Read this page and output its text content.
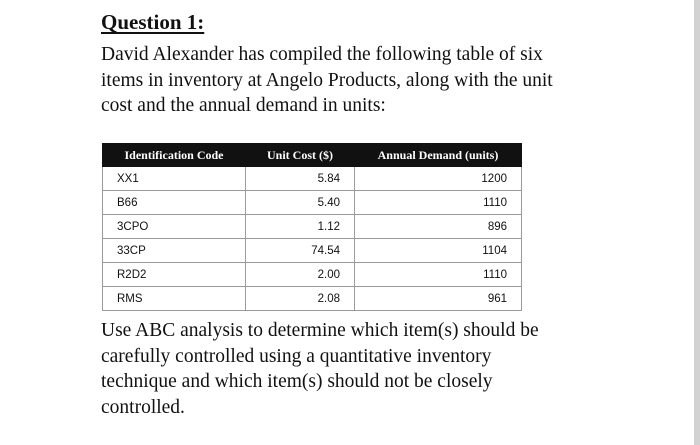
Question 1:
David Alexander has compiled the following table of six
items in inventory at Angelo Products, along with the unit
cost and the annual demand in units:
Identification Code	Unit Cost ($)	Annual Demand (units)
XX1	5.84	1200
B66	5.40	1110
3CPO	1.12	896
33CP	74.54	1104
R2D2	2.00	1110
RMS	2.08	961
Use ABC analysis to determine which item(s) should be
carefully controlled using a quantitative inventory
technique and which item(s) should not be closely
controlled.
